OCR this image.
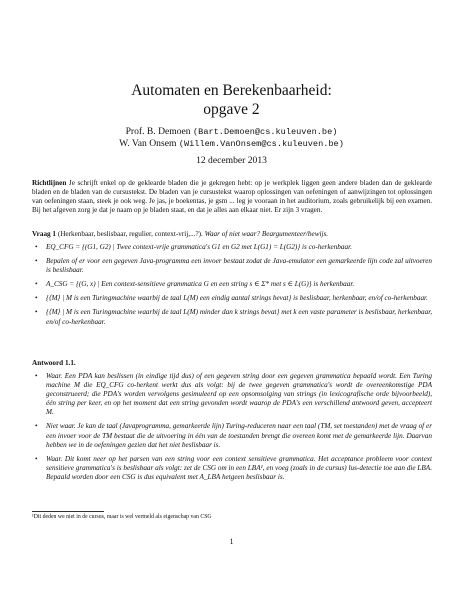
Automaten en Berekenbaarheid:
opgave 2
Prof. B. Demoen (Bart.Demoen@cs.kuleuven.be)
W. Van Onsem (Willem.VanOnsem@cs.kuleuven.be)
12 december 2013
Richtlijnen Je schrijft enkel op de geklearde bladen die je gekregen hebt: op je werkplek liggen geen andere bladen dan de geklearde bladen en de bladen van de cursustekst. De bladen van je cursustekst waarop oplossingen van oefeningen of aanwijzingen tot oplossingen van oefeningen staan, steek je ook weg. Je jas, je boekentas, je gsm ... leg je vooraan in het auditorium, zoals gebruikelijk bij een examen. Bij het afgeven zorg je dat je naam op je bladen staat, en dat je alles aan elkaar niet. Er zijn 3 vragen.
Vraag 1 (Herkenbaar, beslisbaar, regulier, context-vrij,...?). Waar of niet waar? Beargumenteer/bewijs.
• EQ_CFG = {(G1, G2) | Twee context-vrije grammatica's G1 en G2 met L(G1) = L(G2)} is co-herkenbaar.
• Bepalen of er voor een gegeven Java-programma een invoer bestaat zodat de Java-emulator een gemarkeerde lijn code zal uitvoeren is beslisbaar.
• A_CSG = {(G, x) | Een context-sensitieve grammatica G en een string s ∈ Σ* met s ∈ L(G)} is herkenbaar.
• {⟨M⟩ | M is een Turingmachine waarbij de taal L(M) een eindig aantal strings bevat} is beslisbaar, herkenbaar, en/of co-herkenbaar.
• {⟨M⟩ | M is een Turingmachine waarbij de taal L(M) minder dan k strings bevat} met k een vaste parameter is beslisbaar, herkenbaar, en/of co-herkenbaar.
Antwoord 1.1.
• Waar. Een PDA kan beslissen (in eindige tijd dus) of een gegeven string door een gegeven grammatica bepaald wordt. Een Turing machine M die EQ_CFG co-herkent werkt dus als volgt: bij de twee gegeven grammatica's wordt de overeenkomstige PDA geconstrueerd; die PDA's worden vervolgens gesimuleerd op een opsomsolging van strings (in lexicografische orde bijvoorbeeld), één string per keer, en op het moment dat een string gevonden wordt waarop de PDA's een verschillend antwoord geven, accepteert M.
• Niet waar. Je kan de taal (Javaprogramma, gemarkeerde lijn) Turing-reduceren naar een taal (TM, set toestanden) met de vraag of er een invoer voor de TM bestaat die de uitvoering in één van de toestanden brengt die overeen komt met de gemarkeerde lijn. Daarvan hebben we in de oefeningen gezien dat het niet beslisbaar is.
• Waar. Dit komt neer op het parsen van een string voor een context sensitieve grammatica. Het acceptance probleem voor context sensitieve grammatica's is beslisbaar als volgt: zet de CSG om in een LBA¹, en voeg (zoals in de cursus) lus-detectie toe aan die LBA. Bepaald worden door een CSG is dus equivalent met A_LBA hetgeen beslisbaar is.
¹Dit deden we niet in de cursus, maar is wel vermeld als eigenschap van CSG
1
